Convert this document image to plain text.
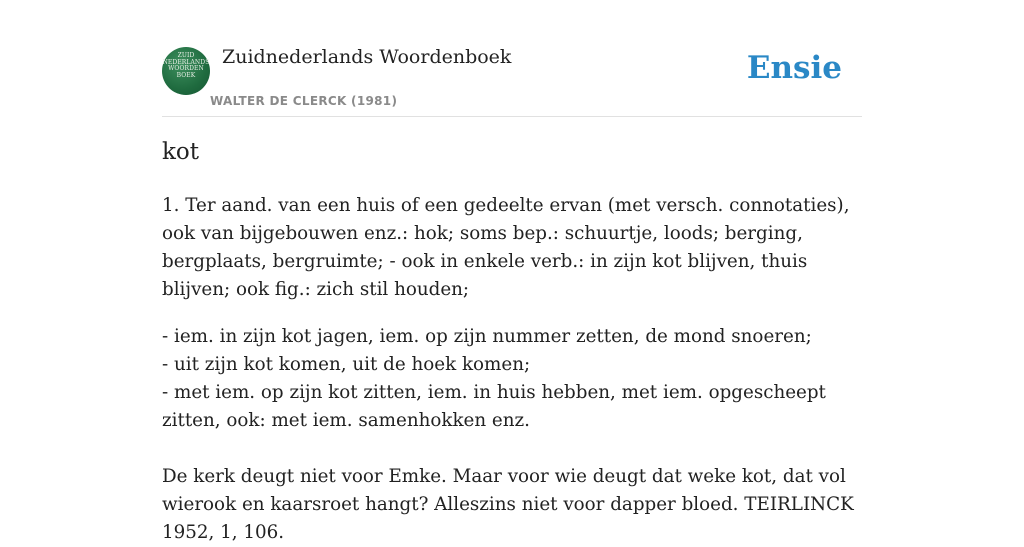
ZUID
NEDERLANDS
WOORDEN
BOEK
Zuidnederlands Woordenboek
WALTER DE CLERCK (1981)
Ensie
kot

1. Ter aand. van een huis of een gedeelte ervan (met versch. connotaties), ook van bijgebouwen enz.: hok; soms bep.: schuurtje, loods; berging, bergplaats, bergruimte; - ook in enkele verb.: in zijn kot blijven, thuis blijven; ook fig.: zich stil houden;

- iem. in zijn kot jagen, iem. op zijn nummer zetten, de mond snoeren;
- uit zijn kot komen, uit de hoek komen;
- met iem. op zijn kot zitten, iem. in huis hebben, met iem. opgescheept zitten, ook: met iem. samenhokken enz.

De kerk deugt niet voor Emke. Maar voor wie deugt dat weke kot, dat vol wierook en kaarsroet hangt? Alleszins niet voor dapper bloed. TEIRLINCK 1952, 1, 106.
